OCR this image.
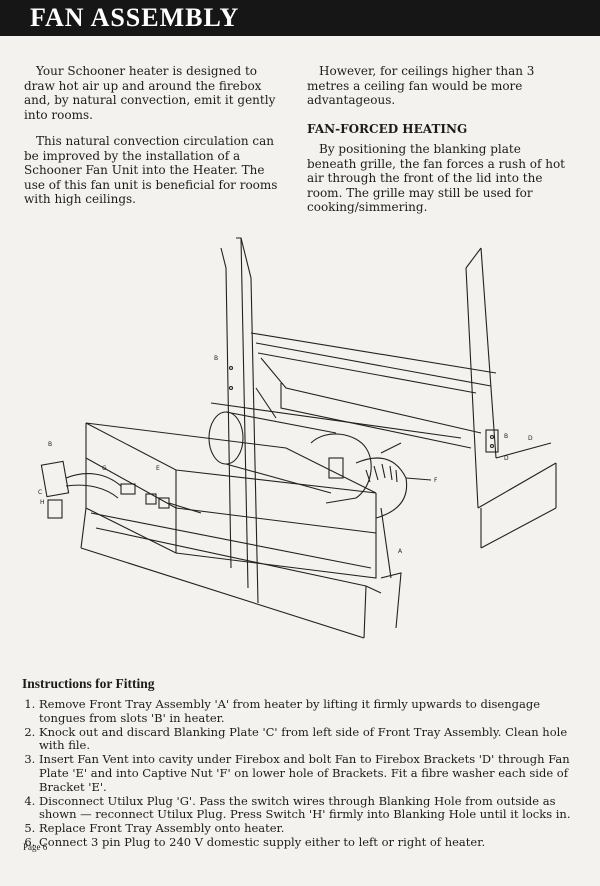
FAN ASSEMBLY

Your Schooner heater is designed to draw hot air up and around the firebox and, by natural convection, emit it gently into rooms.

This natural convection circulation can be improved by the installation of a Schooner Fan Unit into the Heater. The use of this fan unit is beneficial for rooms with high ceilings.

However, for ceilings higher than 3 metres a ceiling fan would be more advantageous.

FAN-FORCED HEATING

By positioning the blanking plate beneath grille, the fan forces a rush of hot air through the front of the lid into the room. The grille may still be used for cooking/simmering.

B
B	D
D
B
E
H
G
C
F
A
Instructions for Fitting
1. Remove Front Tray Assembly 'A' from heater by lifting it firmly upwards to disengage tongues from slots 'B' in heater.
2. Knock out and discard Blanking Plate 'C' from left side of Front Tray Assembly. Clean hole with file.
3. Insert Fan Vent into cavity under Firebox and bolt Fan to Firebox Brackets 'D' through Fan Plate 'E' and into Captive Nut 'F' on lower hole of Brackets. Fit a fibre washer each side of Bracket 'E'.
4. Disconnect Utilux Plug 'G'. Pass the switch wires through Blanking Hole from outside as shown — reconnect Utilux Plug. Press Switch 'H' firmly into Blanking Hole until it locks in.
5. Replace Front Tray Assembly onto heater.
6. Connect 3 pin Plug to 240 V domestic supply either to left or right of heater.
Page 6
